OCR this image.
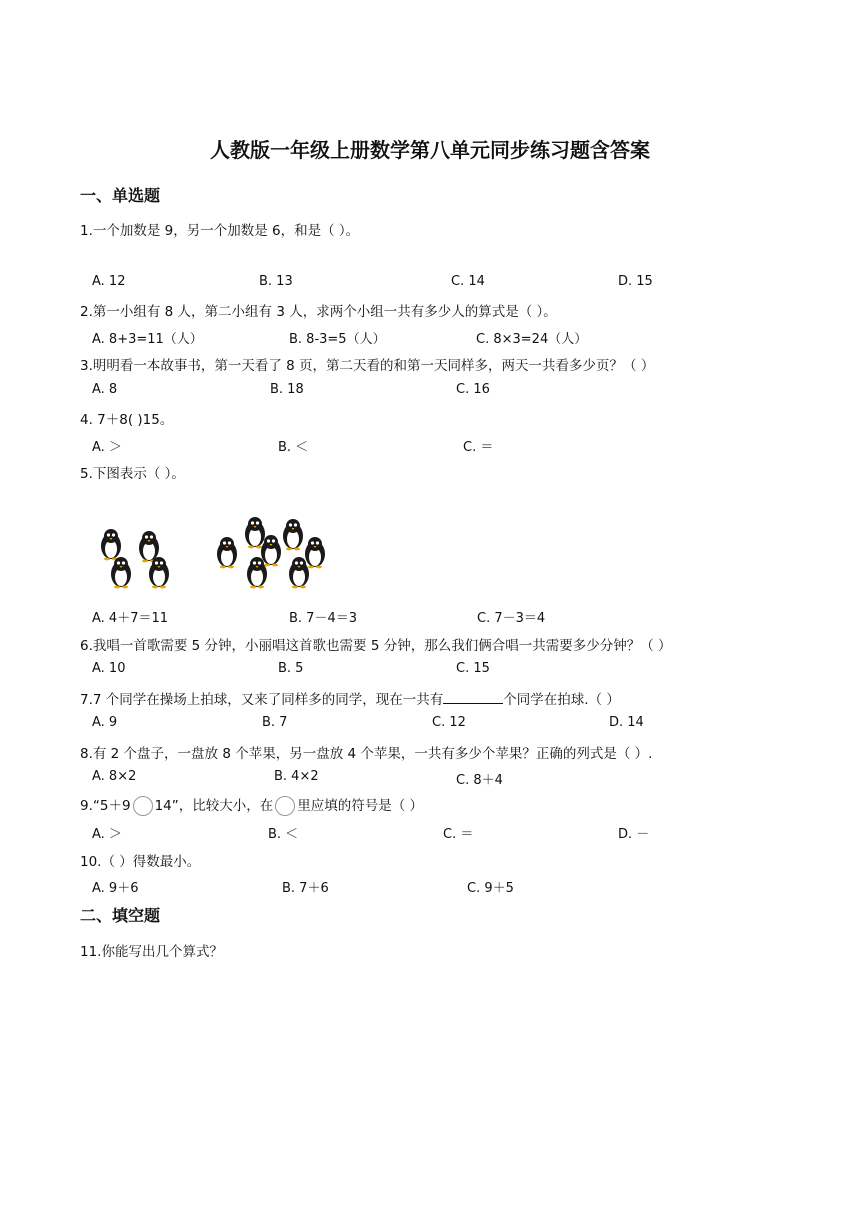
人教版一年级上册数学第八单元同步练习题含答案
一、单选题
1.一个加数是 9，另一个加数是 6，和是（ ）。
A. 12	B. 13	C. 14	D. 15
2.第一小组有 8 人，第二小组有 3 人，求两个小组一共有多少人的算式是（ ）。
A. 8+3=11（人）	B. 8-3=5（人）	C. 8×3=24（人）
3.明明看一本故事书，第一天看了 8 页，第二天看的和第一天同样多，两天一共看多少页？（ ）
A. 8	B. 18	C. 16
4. 7＋8( )15。
A. ＞	B. ＜	C. ＝
5.下图表示（ ）。
A. 4＋7＝11	B. 7－4＝3	C. 7－3＝4
6.我唱一首歌需要 5 分钟，小丽唱这首歌也需要 5 分钟，那么我们俩合唱一共需要多少分钟？（ ）
A. 10	B. 5	C. 15
7.7 个同学在操场上拍球，又来了同样多的同学，现在一共有	个同学在拍球.（ ）
A. 9	B. 7	C. 12	D. 14
8.有 2 个盘子，一盘放 8 个苹果，另一盘放 4 个苹果，一共有多少个苹果？正确的列式是（ ）.
A. 8×2	B. 4×2	C. 8＋4
9.“5＋9 14”，比较大小，在 里应填的符号是（ ）
A. ＞	B. ＜	C. ＝	D. －
10.（ ）得数最小。
A. 9＋6	B. 7＋6	C. 9＋5
二、填空题
11.你能写出几个算式？
